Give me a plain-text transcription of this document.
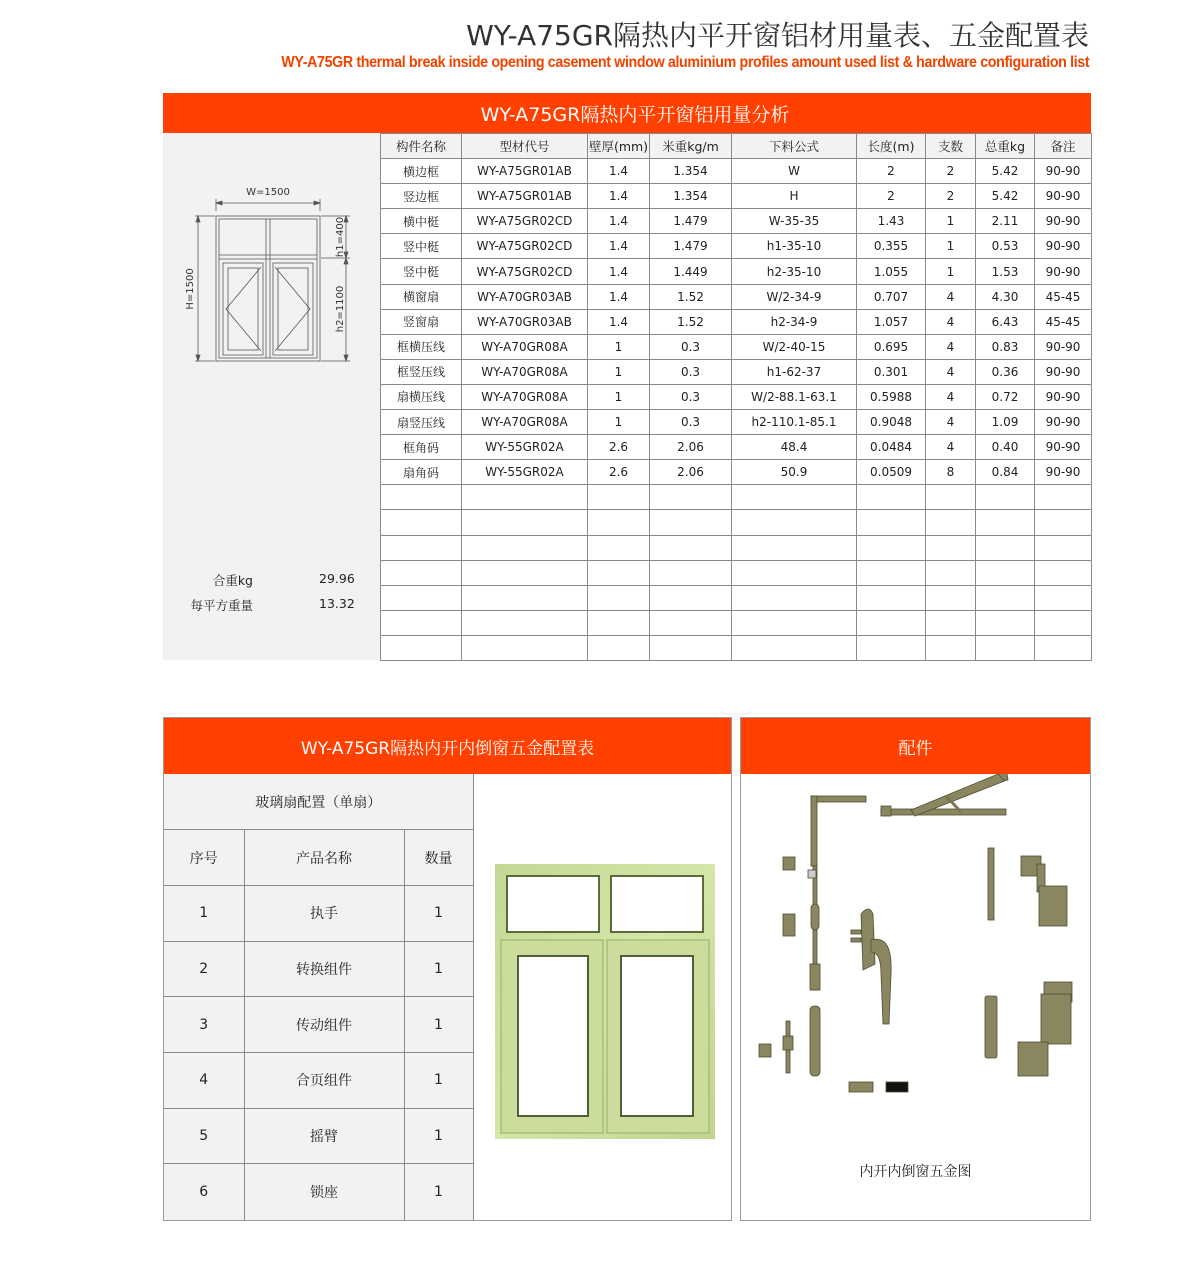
WY-A75GR隔热内平开窗铝材用量表、五金配置表
WY-A75GR thermal break inside opening casement window aluminium profiles amount used list & hardware configuration list
WY-A75GR隔热内平开窗铝用量分析
W=1500
H=1500
h1=400
h2=1100
合重kg	29.96
每平方重量	13.32
构件名称	型材代号	壁厚(mm)	米重kg/m	下料公式	长度(m)	支数	总重kg	备注
横边框	WY-A75GR01AB	1.4	1.354	W	2	2	5.42	90-90
竖边框	WY-A75GR01AB	1.4	1.354	H	2	2	5.42	90-90
横中梃	WY-A75GR02CD	1.4	1.479	W-35-35	1.43	1	2.11	90-90
竖中梃	WY-A75GR02CD	1.4	1.479	h1-35-10	0.355	1	0.53	90-90
竖中梃	WY-A75GR02CD	1.4	1.449	h2-35-10	1.055	1	1.53	90-90
横窗扇	WY-A70GR03AB	1.4	1.52	W/2-34-9	0.707	4	4.30	45-45
竖窗扇	WY-A70GR03AB	1.4	1.52	h2-34-9	1.057	4	6.43	45-45
框横压线	WY-A70GR08A	1	0.3	W/2-40-15	0.695	4	0.83	90-90
框竖压线	WY-A70GR08A	1	0.3	h1-62-37	0.301	4	0.36	90-90
扇横压线	WY-A70GR08A	1	0.3	W/2-88.1-63.1	0.5988	4	0.72	90-90
扇竖压线	WY-A70GR08A	1	0.3	h2-110.1-85.1	0.9048	4	1.09	90-90
框角码	WY-55GR02A	2.6	2.06	48.4	0.0484	4	0.40	90-90
扇角码	WY-55GR02A	2.6	2.06	50.9	0.0509	8	0.84	90-90

WY-A75GR隔热内开内倒窗五金配置表
玻璃扇配置（单扇）		
序号	产品名称	数量
1	执手	1
2	转换组件	1
3	传动组件	1
4	合页组件	1
5	摇臂	1
6	锁座	1
配件
内开内倒窗五金图
